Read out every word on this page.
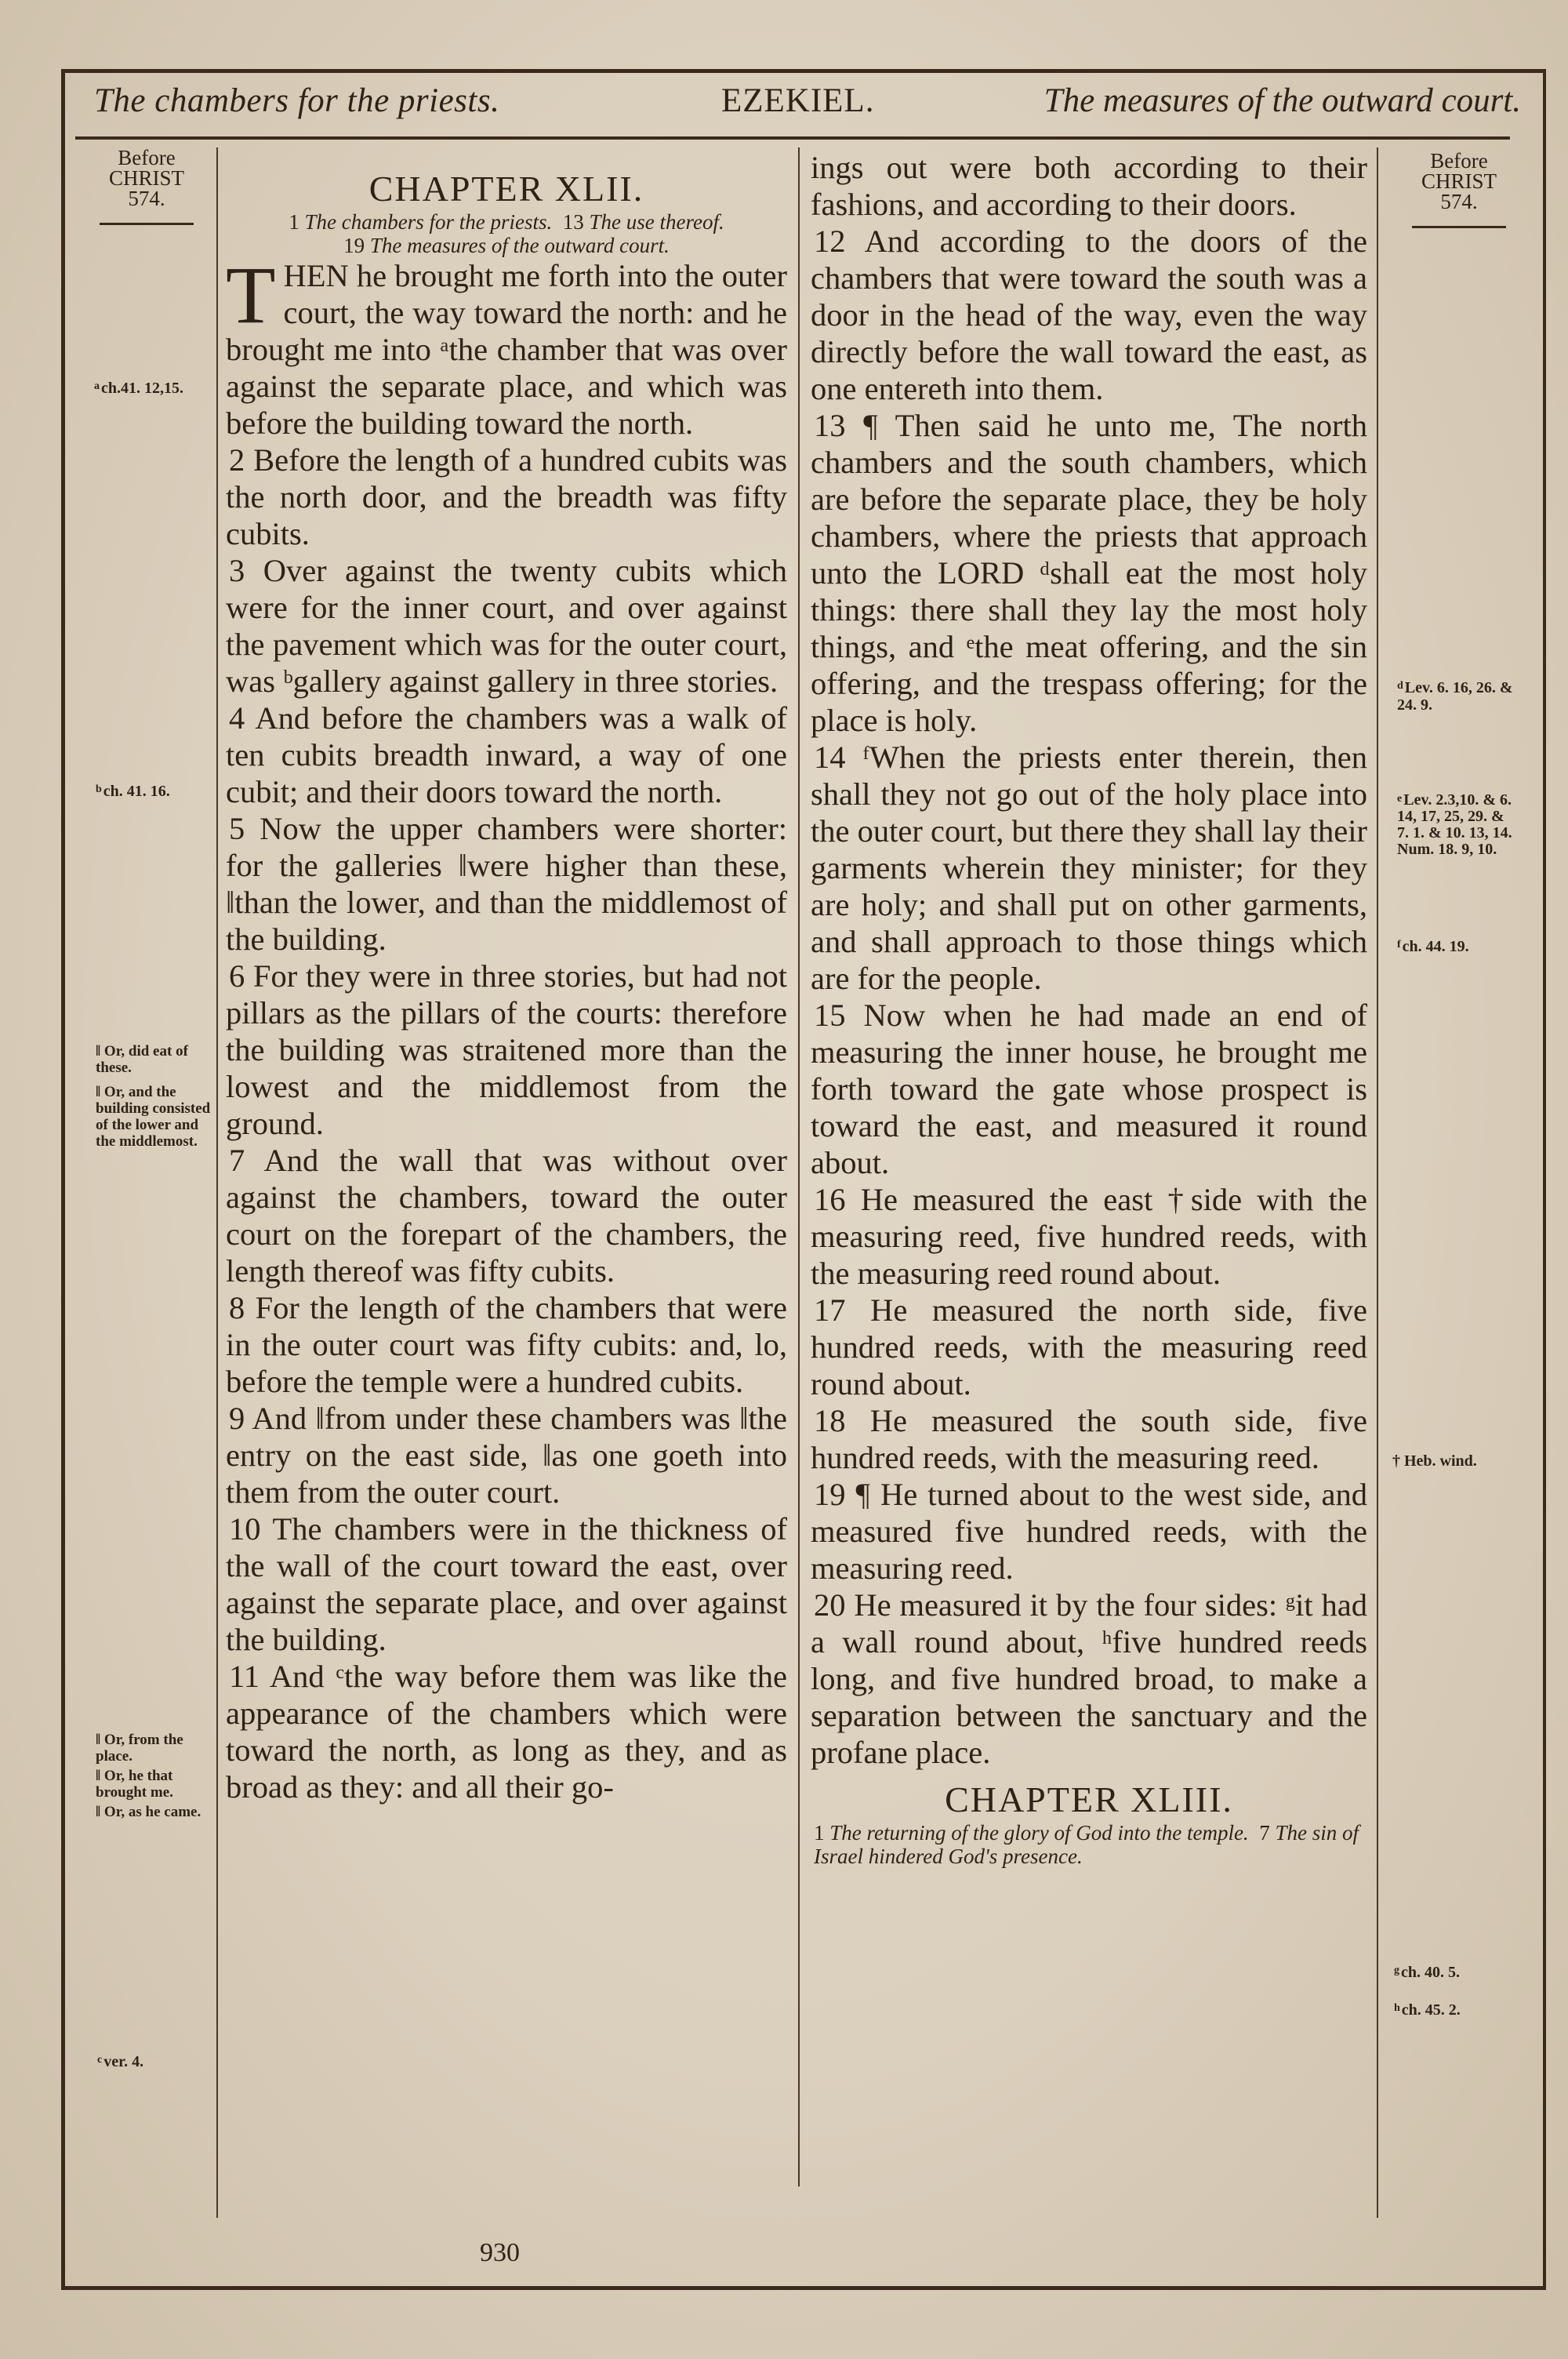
The chambers for the priests.	EZEKIEL.	The measures of the outward court.
Before
CHRIST
574.
Before
CHRIST
574.
$^a$ ch.41. 12,15.
$^b$ ch. 41. 16.
‖ Or, did eat of these.
‖ Or, and the building consisted of the lower and the middlemost.
‖ Or, from the place.
‖ Or, he that brought me.
‖ Or, as he came.
$^c$ ver. 4.
$^d$ Lev. 6. 16, 26. & 24. 9.
$^e$ Lev. 2.3,10. & 6. 14, 17, 25, 29. & 7. 1. & 10. 13, 14. Num. 18. 9, 10.
$^f$ ch. 44. 19.
† Heb. wind.
$^g$ ch. 40. 5.
$^h$ ch. 45. 2.
CHAPTER XLII.
1 The chambers for the priests. 13 The use thereof.
19 The measures of the outward court.

THEN he brought me forth into the outer court, the way toward the north: and he brought me into ᵃthe chamber that was over against the separate place, and which was before the building toward the north.

2 Before the length of a hundred cubits was the north door, and the breadth was fifty cubits.

3 Over against the twenty cubits which were for the inner court, and over against the pavement which was for the outer court, was ᵇgallery against gallery in three stories.

4 And before the chambers was a walk of ten cubits breadth inward, a way of one cubit; and their doors toward the north.

5 Now the upper chambers were shorter: for the galleries ‖were higher than these, ‖than the lower, and than the middlemost of the building.

6 For they were in three stories, but had not pillars as the pillars of the courts: therefore the building was straitened more than the lowest and the middlemost from the ground.

7 And the wall that was without over against the chambers, toward the outer court on the forepart of the chambers, the length thereof was fifty cubits.

8 For the length of the chambers that were in the outer court was fifty cubits: and, lo, before the temple were a hundred cubits.

9 And ‖from under these chambers was ‖the entry on the east side, ‖as one goeth into them from the outer court.

10 The chambers were in the thickness of the wall of the court toward the east, over against the separate place, and over against the building.

11 And ᶜthe way before them was like the appearance of the chambers which were toward the north, as long as they, and as broad as they: and all their go-

ings out were both according to their fashions, and according to their doors.

12 And according to the doors of the chambers that were toward the south was a door in the head of the way, even the way directly before the wall toward the east, as one entereth into them.

13 ¶ Then said he unto me, The north chambers and the south chambers, which are before the separate place, they be holy chambers, where the priests that approach unto the LORD ᵈshall eat the most holy things: there shall they lay the most holy things, and ᵉthe meat offering, and the sin offering, and the trespass offering; for the place is holy.

14 ᶠWhen the priests enter therein, then shall they not go out of the holy place into the outer court, but there they shall lay their garments wherein they minister; for they are holy; and shall put on other garments, and shall approach to those things which are for the people.

15 Now when he had made an end of measuring the inner house, he brought me forth toward the gate whose prospect is toward the east, and measured it round about.

16 He measured the east †side with the measuring reed, five hundred reeds, with the measuring reed round about.

17 He measured the north side, five hundred reeds, with the measuring reed round about.

18 He measured the south side, five hundred reeds, with the measuring reed.

19 ¶ He turned about to the west side, and measured five hundred reeds, with the measuring reed.

20 He measured it by the four sides: ᵍit had a wall round about, ʰfive hundred reeds long, and five hundred broad, to make a separation between the sanctuary and the profane place.

CHAPTER XLIII.
1 The returning of the glory of God into the temple. 7 The sin of Israel hindered God's presence.
930
